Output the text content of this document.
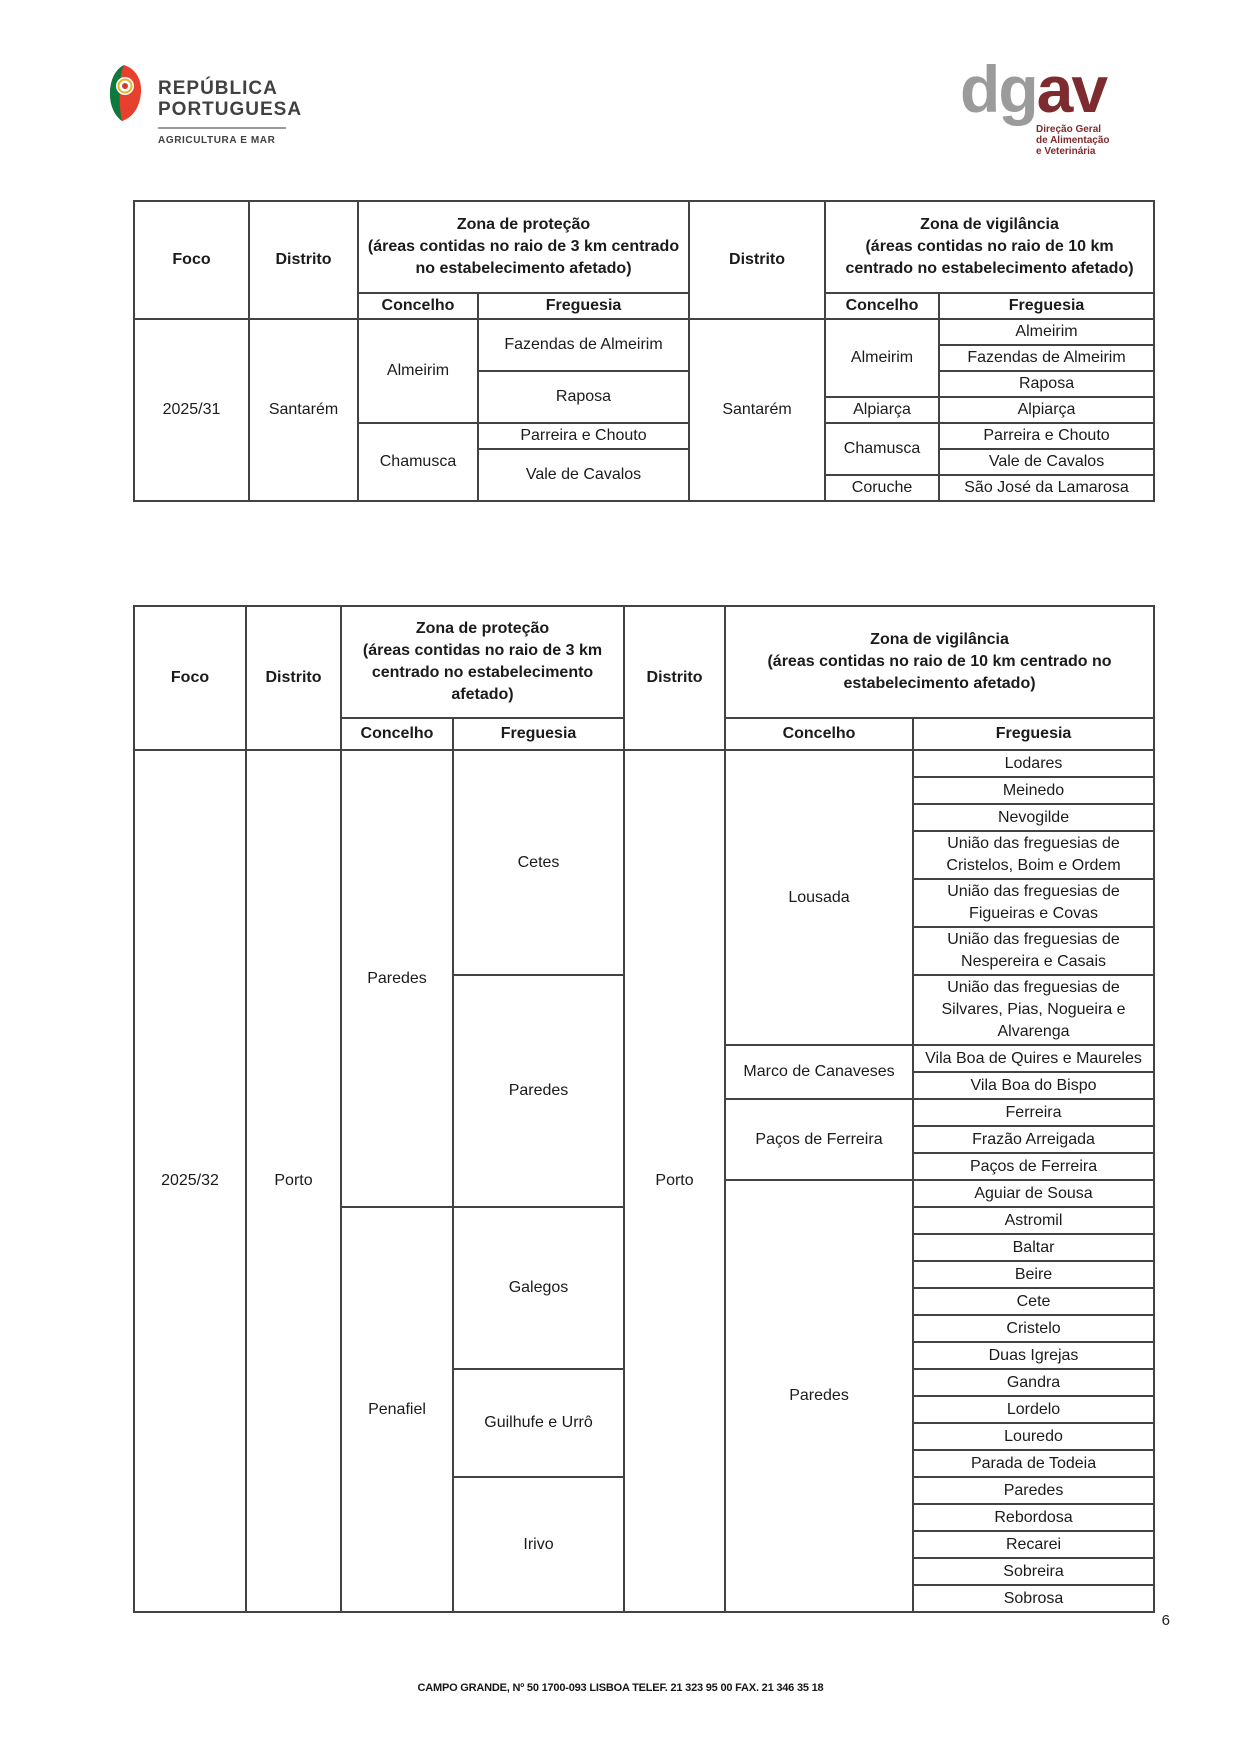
REPÚBLICA
PORTUGUESA
AGRICULTURA E MAR
dgav
Direção Geral
de Alimentação
e Veterinária
Foco	Distrito	
Zona de proteção
(áreas contidas no raio de 3 km centrado no estabelecimento afetado)
	Distrito	
Zona de vigilância
(áreas contidas no raio de 10 km centrado no estabelecimento afetado)

		Concelho	Freguesia		Concelho	Freguesia
2025/31	Santarém	Almeirim	Fazendas de Almeirim	Santarém	Almeirim	Almeirim
						Fazendas de Almeirim
			Raposa			Raposa
					Alpiarça	Alpiarça
		Chamusca	Parreira e Chouto		Chamusca	Parreira e Chouto
			Vale de Cavalos			Vale de Cavalos
					Coruche	São José da Lamarosa
Foco	Distrito	
Zona de proteção
(áreas contidas no raio de 3 km centrado no estabelecimento afetado)
	Distrito	
Zona de vigilância
(áreas contidas no raio de 10 km centrado no estabelecimento afetado)

		Concelho	Freguesia		Concelho	Freguesia
2025/32	Porto	Paredes	Cetes	Porto	Lousada	Lodares
						Meinedo
						Nevogilde
						União das freguesias de Cristelos, Boim e Ordem
						União das freguesias de Figueiras e Covas
						União das freguesias de Nespereira e Casais
			Paredes			União das freguesias de Silvares, Pias, Nogueira e Alvarenga
					Marco de Canaveses	Vila Boa de Quires e Maureles
						Vila Boa do Bispo
					Paços de Ferreira	Ferreira
						Frazão Arreigada
						Paços de Ferreira
					Paredes	Aguiar de Sousa
		Penafiel	Galegos			Astromil
						Baltar
						Beire
						Cete
						Cristelo
						Duas Igrejas
			Guilhufe e Urrô			Gandra
						Lordelo
						Louredo
						Parada de Todeia
			Irivo			Paredes
						Rebordosa
						Recarei
						Sobreira
						Sobrosa
6
CAMPO GRANDE, Nº 50 1700-093 LISBOA TELEF. 21 323 95 00 FAX. 21 346 35 18
